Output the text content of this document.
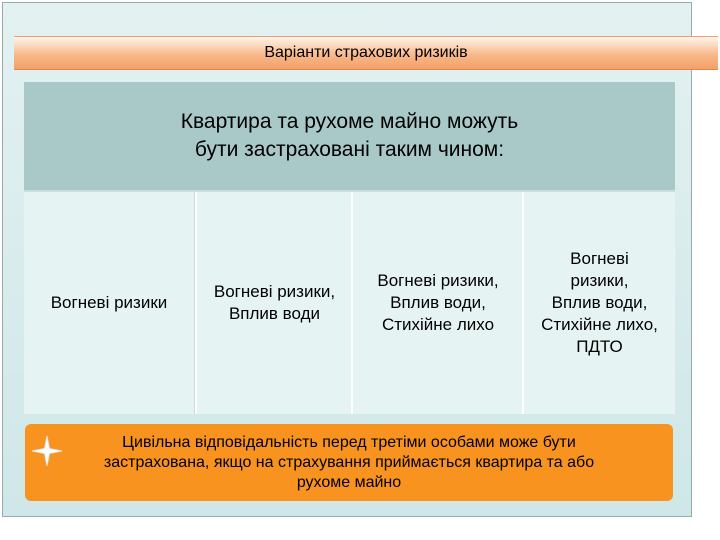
Варіанти страхових ризиків
Квартира та рухоме майно можуть
бути застраховані таким чином:
Вогневі ризики
Вогневі ризики,
Вплив води
Вогневі ризики,
Вплив води,
Стихійне лихо
Вогневі
ризики,
Вплив води,
Стихійне лихо,
ПДТО
Цивільна відповідальність перед третіми особами може бути
застрахована, якщо на страхування приймається квартира та або
рухоме майно
